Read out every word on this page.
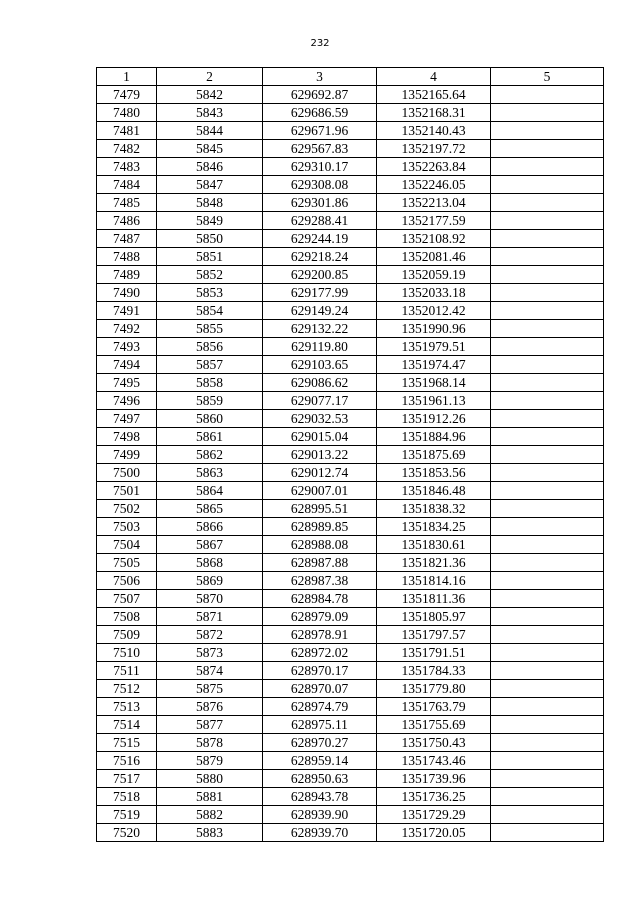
232
1	2	3	4	5
7479	5842	629692.87	1352165.64	
7480	5843	629686.59	1352168.31	
7481	5844	629671.96	1352140.43	
7482	5845	629567.83	1352197.72	
7483	5846	629310.17	1352263.84	
7484	5847	629308.08	1352246.05	
7485	5848	629301.86	1352213.04	
7486	5849	629288.41	1352177.59	
7487	5850	629244.19	1352108.92	
7488	5851	629218.24	1352081.46	
7489	5852	629200.85	1352059.19	
7490	5853	629177.99	1352033.18	
7491	5854	629149.24	1352012.42	
7492	5855	629132.22	1351990.96	
7493	5856	629119.80	1351979.51	
7494	5857	629103.65	1351974.47	
7495	5858	629086.62	1351968.14	
7496	5859	629077.17	1351961.13	
7497	5860	629032.53	1351912.26	
7498	5861	629015.04	1351884.96	
7499	5862	629013.22	1351875.69	
7500	5863	629012.74	1351853.56	
7501	5864	629007.01	1351846.48	
7502	5865	628995.51	1351838.32	
7503	5866	628989.85	1351834.25	
7504	5867	628988.08	1351830.61	
7505	5868	628987.88	1351821.36	
7506	5869	628987.38	1351814.16	
7507	5870	628984.78	1351811.36	
7508	5871	628979.09	1351805.97	
7509	5872	628978.91	1351797.57	
7510	5873	628972.02	1351791.51	
7511	5874	628970.17	1351784.33	
7512	5875	628970.07	1351779.80	
7513	5876	628974.79	1351763.79	
7514	5877	628975.11	1351755.69	
7515	5878	628970.27	1351750.43	
7516	5879	628959.14	1351743.46	
7517	5880	628950.63	1351739.96	
7518	5881	628943.78	1351736.25	
7519	5882	628939.90	1351729.29	
7520	5883	628939.70	1351720.05	
